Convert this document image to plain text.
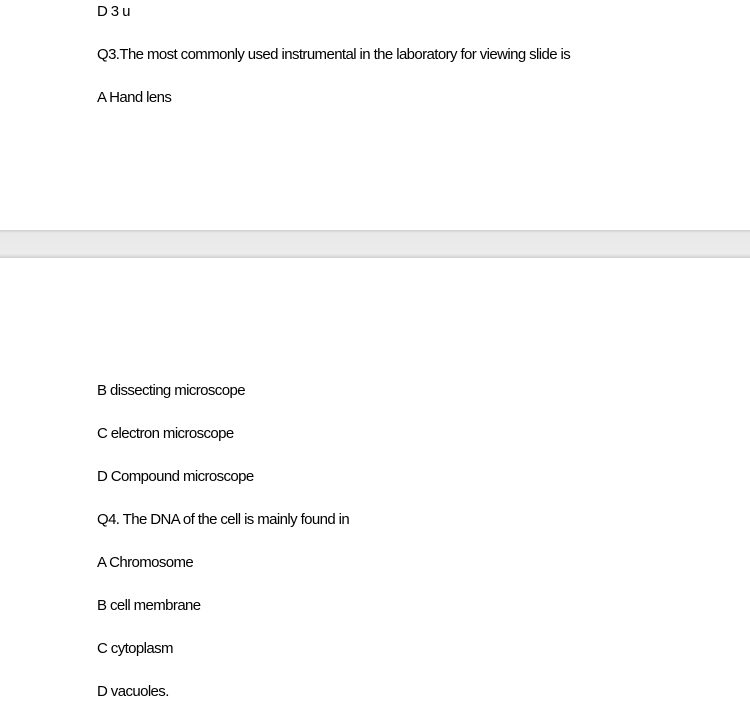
D 3 u
Q3.The most commonly used instrumental in the laboratory for viewing slide is
A Hand lens
B dissecting microscope
C electron microscope
D Compound microscope
Q4. The DNA of the cell is mainly found in
A Chromosome
B cell membrane
C cytoplasm
D vacuoles.
